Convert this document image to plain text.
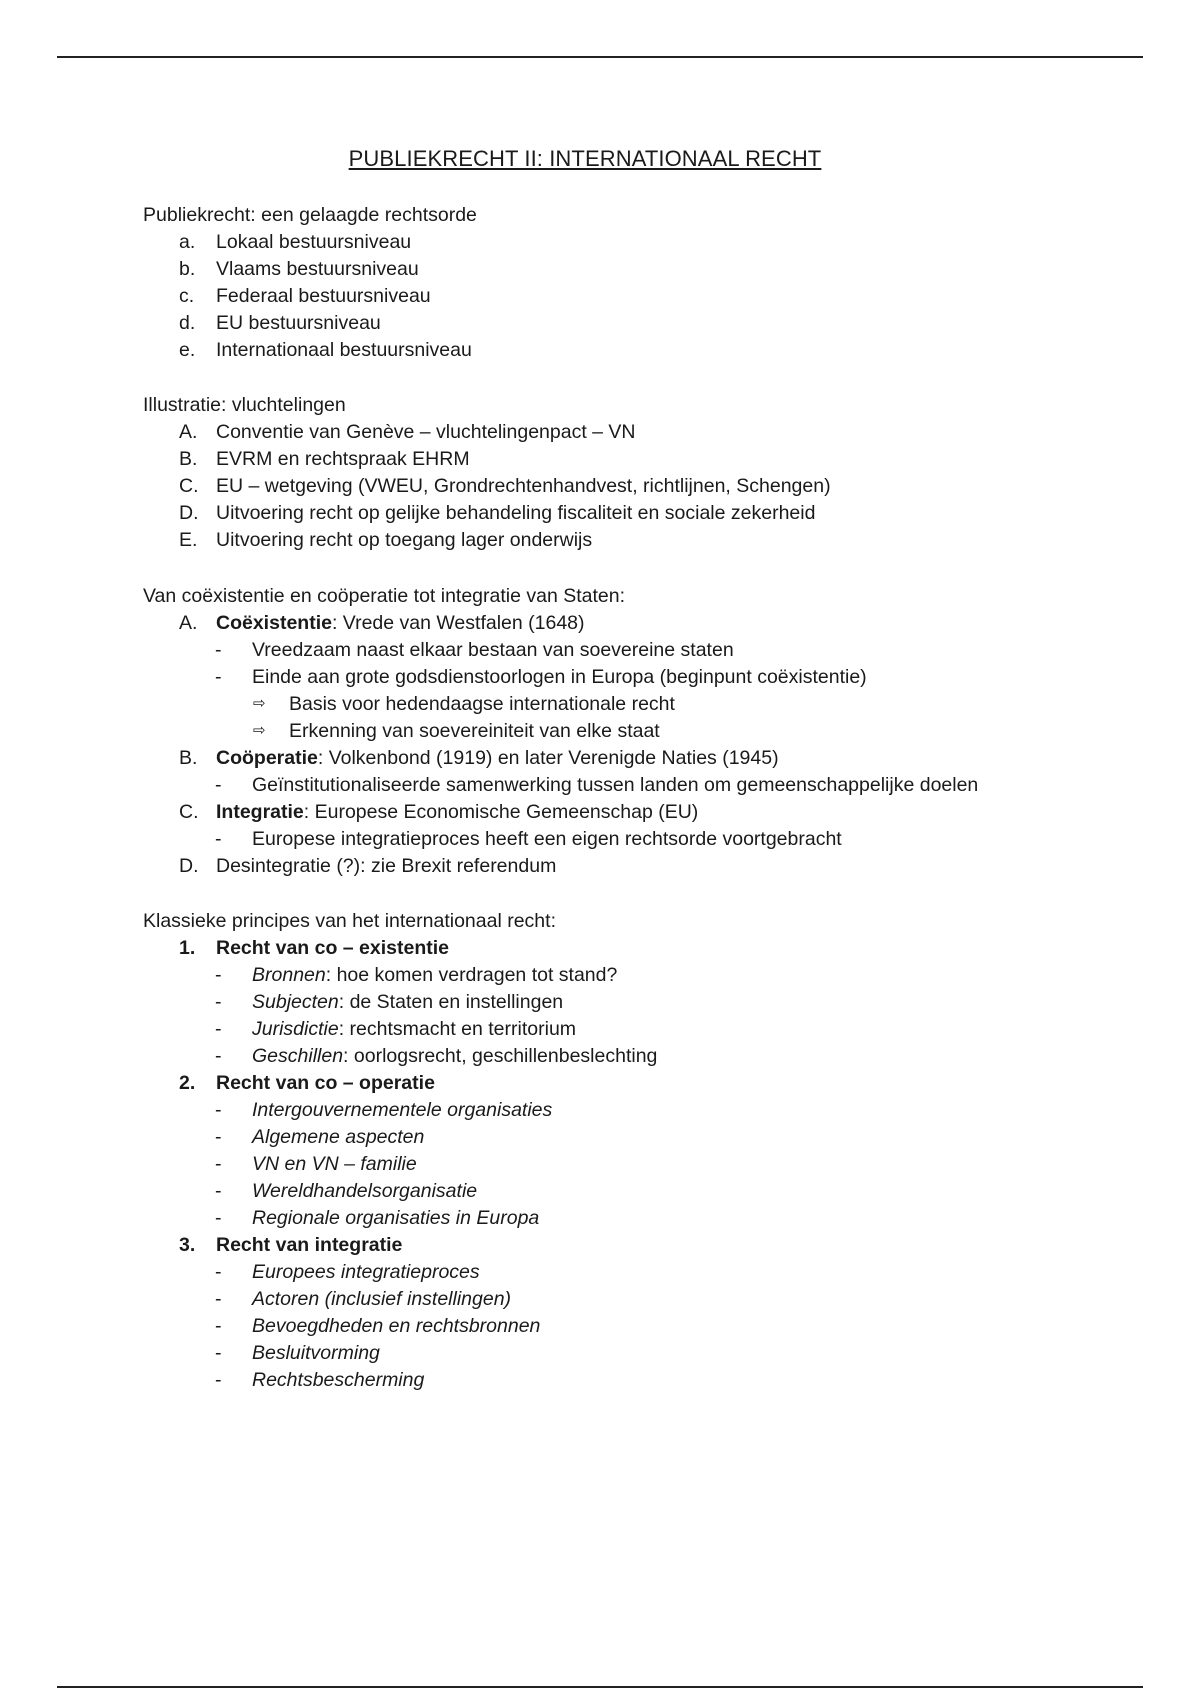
PUBLIEKRECHT II: INTERNATIONAAL RECHT
Publiekrecht: een gelaagde rechtsorde
a. Lokaal bestuursniveau
b. Vlaams bestuursniveau
c. Federaal bestuursniveau
d. EU bestuursniveau
e. Internationaal bestuursniveau
Illustratie: vluchtelingen
A. Conventie van Genève – vluchtelingenpact – VN
B. EVRM en rechtspraak EHRM
C. EU – wetgeving (VWEU, Grondrechtenhandvest, richtlijnen, Schengen)
D. Uitvoering recht op gelijke behandeling fiscaliteit en sociale zekerheid
E. Uitvoering recht op toegang lager onderwijs
Van coëxistentie en coöperatie tot integratie van Staten:
A. Coëxistentie: Vrede van Westfalen (1648)
- Vreedzaam naast elkaar bestaan van soevereine staten
- Einde aan grote godsdienstoorlogen in Europa (beginpunt coëxistentie)
⇨ Basis voor hedendaagse internationale recht
⇨ Erkenning van soevereiniteit van elke staat
B. Coöperatie: Volkenbond (1919) en later Verenigde Naties (1945)
- Geïnstitutionaliseerde samenwerking tussen landen om gemeenschappelijke doelen
C. Integratie: Europese Economische Gemeenschap (EU)
- Europese integratieproces heeft een eigen rechtsorde voortgebracht
D. Desintegratie (?): zie Brexit referendum
Klassieke principes van het internationaal recht:
1. Recht van co – existentie
- Bronnen: hoe komen verdragen tot stand?
- Subjecten: de Staten en instellingen
- Jurisdictie: rechtsmacht en territorium
- Geschillen: oorlogsrecht, geschillenbeslechting
2. Recht van co – operatie
- Intergouvernementele organisaties
- Algemene aspecten
- VN en VN – familie
- Wereldhandelsorganisatie
- Regionale organisaties in Europa
3. Recht van integratie
- Europees integratieproces
- Actoren (inclusief instellingen)
- Bevoegdheden en rechtsbronnen
- Besluitvorming
- Rechtsbescherming
